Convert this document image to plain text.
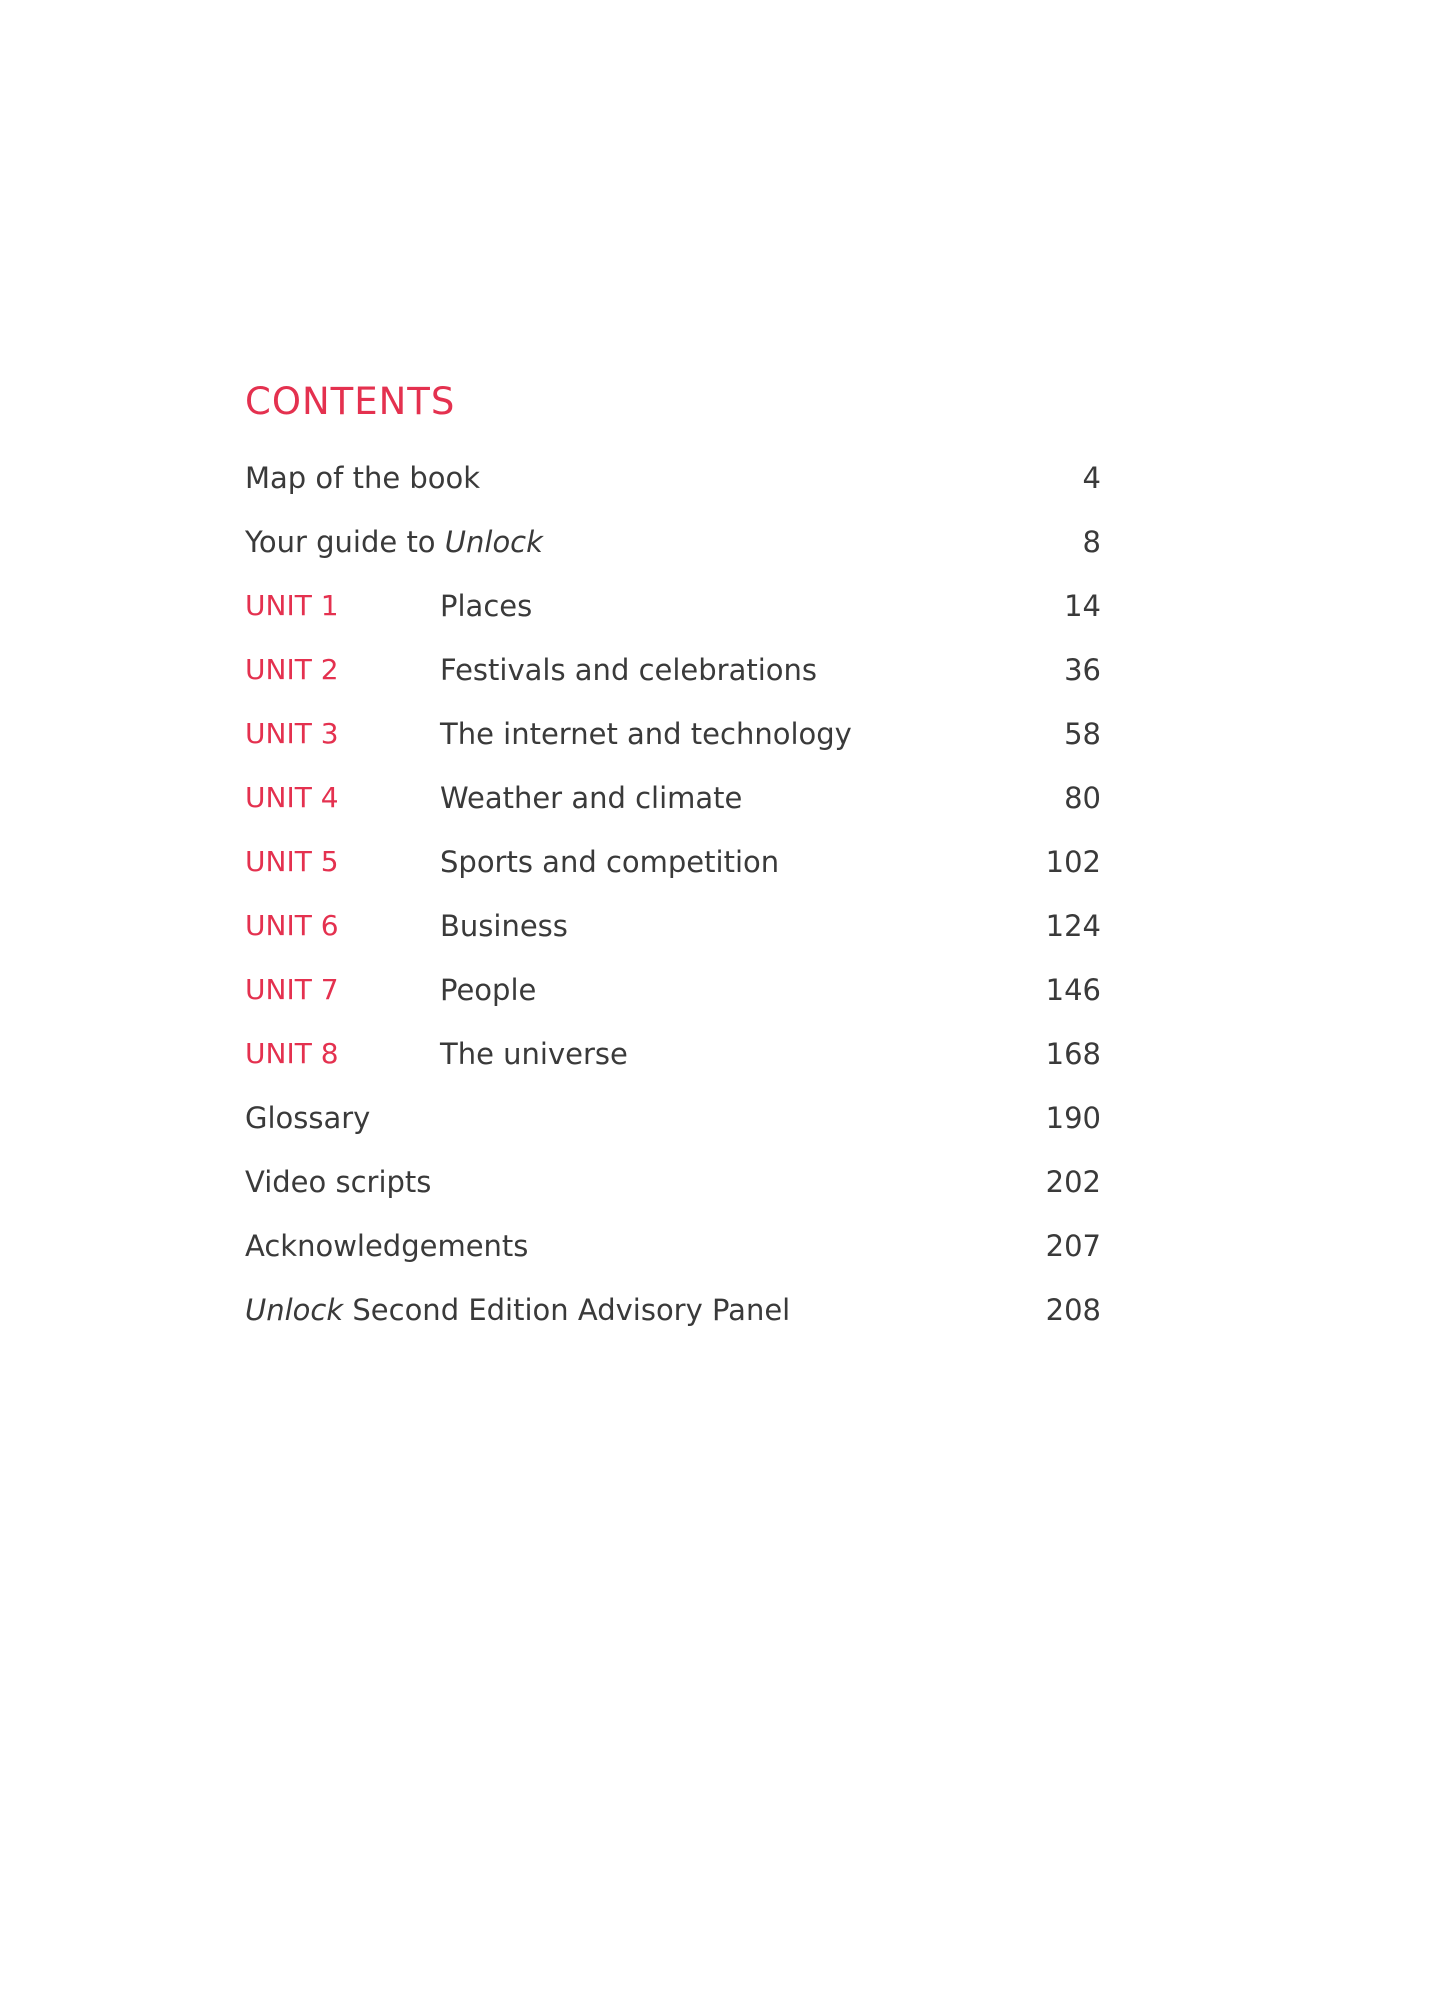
CONTENTS
Map of the book	4
Your guide to Unlock	8
UNIT 1	Places	14
UNIT 2	Festivals and celebrations	36
UNIT 3	The internet and technology	58
UNIT 4	Weather and climate	80
UNIT 5	Sports and competition	102
UNIT 6	Business	124
UNIT 7	People	146
UNIT 8	The universe	168
Glossary	190
Video scripts	202
Acknowledgements	207
Unlock Second Edition Advisory Panel	208
